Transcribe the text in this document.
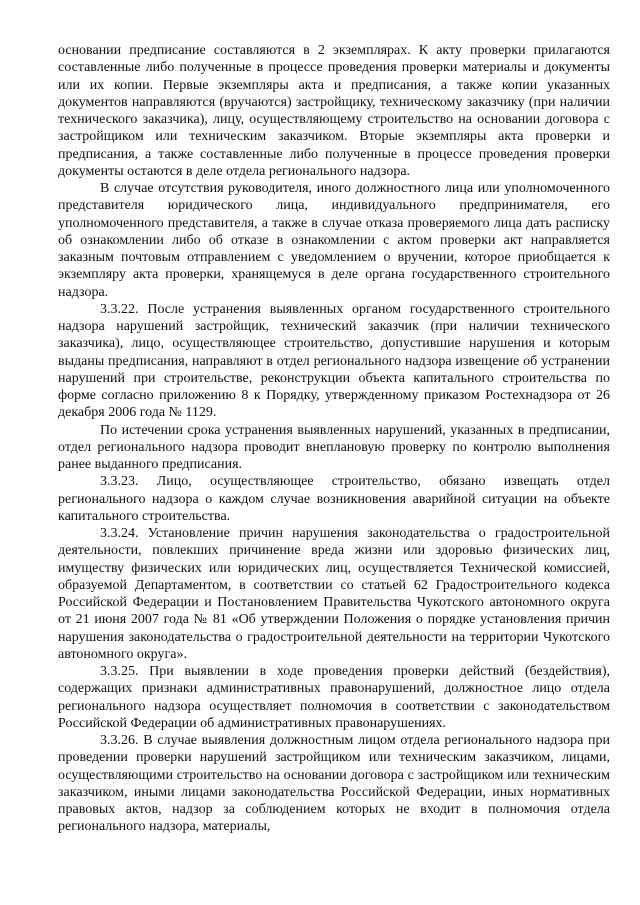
основании предписание составляются в 2 экземплярах. К акту проверки прилагаются составленные либо полученные в процессе проведения проверки материалы и документы или их копии. Первые экземпляры акта и предписания, а также копии указанных документов направляются (вручаются) застройщику, техническому заказчику (при наличии технического заказчика), лицу, осуществляющему строительство на основании договора с застройщиком или техническим заказчиком. Вторые экземпляры акта проверки и предписания, а также составленные либо полученные в процессе проведения проверки документы остаются в деле отдела регионального надзора.

В случае отсутствия руководителя, иного должностного лица или уполномоченного представителя юридического лица, индивидуального предпринимателя, его уполномоченного представителя, а также в случае отказа проверяемого лица дать расписку об ознакомлении либо об отказе в ознакомлении с актом проверки акт направляется заказным почтовым отправлением с уведомлением о вручении, которое приобщается к экземпляру акта проверки, хранящемуся в деле органа государственного строительного надзора.

3.3.22. После устранения выявленных органом государственного строительного надзора нарушений застройщик, технический заказчик (при наличии технического заказчика), лицо, осуществляющее строительство, допустившие нарушения и которым выданы предписания, направляют в отдел регионального надзора извещение об устранении нарушений при строительстве, реконструкции объекта капитального строительства по форме согласно приложению 8 к Порядку, утвержденному приказом Ростехнадзора от 26 декабря 2006 года № 1129.

По истечении срока устранения выявленных нарушений, указанных в предписании, отдел регионального надзора проводит внеплановую проверку по контролю выполнения ранее выданного предписания.

3.3.23. Лицо, осуществляющее строительство, обязано извещать отдел регионального надзора о каждом случае возникновения аварийной ситуации на объекте капитального строительства.

3.3.24. Установление причин нарушения законодательства о градостроительной деятельности, повлекших причинение вреда жизни или здоровью физических лиц, имуществу физических или юридических лиц, осуществляется Технической комиссией, образуемой Департаментом, в соответствии со статьей 62 Градостроительного кодекса Российской Федерации и Постановлением Правительства Чукотского автономного округа от 21 июня 2007 года № 81 «Об утверждении Положения о порядке установления причин нарушения законодательства о градостроительной деятельности на территории Чукотского автономного округа».

3.3.25. При выявлении в ходе проведения проверки действий (бездействия), содержащих признаки административных правонарушений, должностное лицо отдела регионального надзора осуществляет полномочия в соответствии с законодательством Российской Федерации об административных правонарушениях.

3.3.26. В случае выявления должностным лицом отдела регионального надзора при проведении проверки нарушений застройщиком или техническим заказчиком, лицами, осуществляющими строительство на основании договора с застройщиком или техническим заказчиком, иными лицами законодательства Российской Федерации, иных нормативных правовых актов, надзор за соблюдением которых не входит в полномочия отдела регионального надзора, материалы,
